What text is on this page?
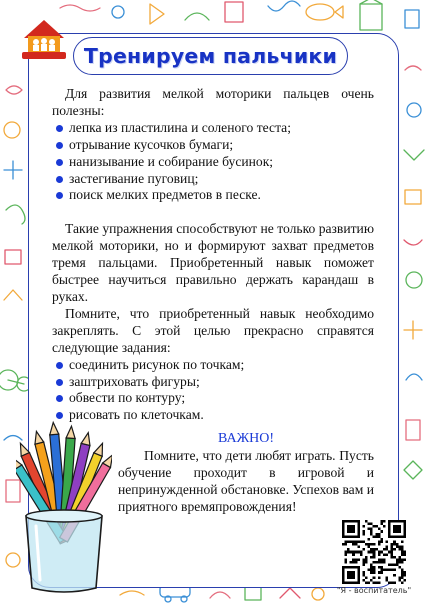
Тренируем пальчики

Для развития мелкой моторики пальцев очень полезны:

лепка из пластилина и соленого теста;
отрывание кусочков бумаги;
нанизывание и собирание бусинок;
застегивание пуговиц;
поиск мелких предметов в песке.

Такие упражнения способствуют не только развитию мелкой моторики, но и формируют захват предметов тремя пальцами. Приобретенный навык поможет быстрее научиться правильно держать карандаш в руках.

Помните, что приобретенный навык необходимо закреплять. С этой целью прекрасно справятся следующие задания:

соединить рисунок по точкам;
заштриховать фигуры;
обвести по контуру;
рисовать по клеточкам.

ВАЖНО!

Помните, что дети любят играть. Пусть обучение проходит в игровой и непринужденной обстановке. Успехов вам и приятного времяпровождения!

"Я - воспитатель"
